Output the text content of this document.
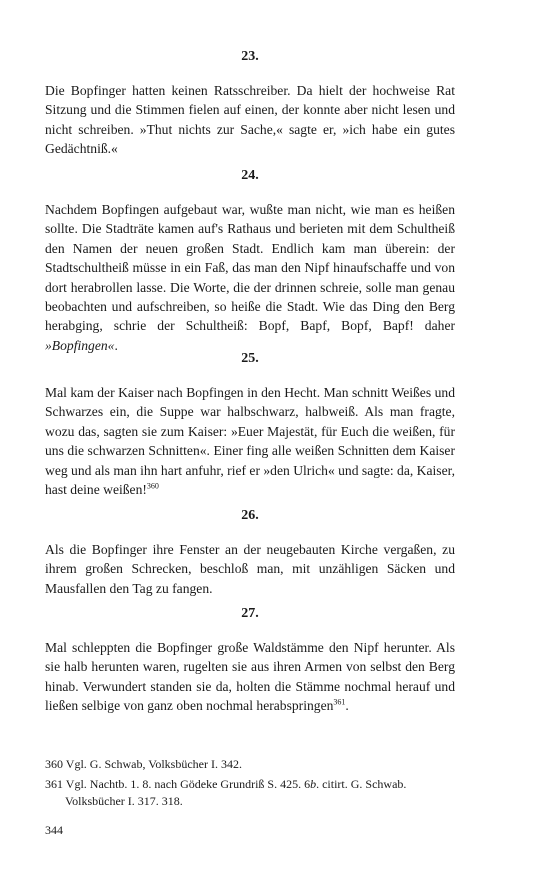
23.

Die Bopfinger hatten keinen Ratsschreiber. Da hielt der hochweise Rat Sitzung und die Stimmen fielen auf einen, der konnte aber nicht lesen und nicht schreiben. »Thut nichts zur Sache,« sagte er, »ich habe ein gutes Gedächtniß.«

24.

Nachdem Bopfingen aufgebaut war, wußte man nicht, wie man es heißen sollte. Die Stadträte kamen auf's Rathaus und berieten mit dem Schultheiß den Namen der neuen großen Stadt. Endlich kam man überein: der Stadtschultheiß müsse in ein Faß, das man den Nipf hinaufschaffe und von dort herabrollen lasse. Die Worte, die der drinnen schreie, solle man genau beobachten und aufschreiben, so heiße die Stadt. Wie das Ding den Berg herabging, schrie der Schultheiß: Bopf, Bapf, Bopf, Bapf! daher »Bopfingen«.

25.

Mal kam der Kaiser nach Bopfingen in den Hecht. Man schnitt Weißes und Schwarzes ein, die Suppe war halbschwarz, halbweiß. Als man fragte, wozu das, sagten sie zum Kaiser: »Euer Majestät, für Euch die weißen, für uns die schwarzen Schnitten«. Einer fing alle weißen Schnitten dem Kaiser weg und als man ihn hart anfuhr, rief er »den Ulrich« und sagte: da, Kaiser, hast deine weißen!$^{360}$

26.

Als die Bopfinger ihre Fenster an der neugebauten Kirche vergaßen, zu ihrem großen Schrecken, beschloß man, mit unzähligen Säcken und Mausfallen den Tag zu fangen.

27.

Mal schleppten die Bopfinger große Waldstämme den Nipf herunter. Als sie halb herunten waren, rugelten sie aus ihren Armen von selbst den Berg hinab. Verwundert standen sie da, holten die Stämme nochmal herauf und ließen selbige von ganz oben nochmal herabspringen$^{361}$.

360 Vgl. G. Schwab, Volksbücher I. 342.

361 Vgl. Nachtb. 1. 8. nach Gödeke Grundriß S. 425. 6b. citirt. G. Schwab. Volksbücher I. 317. 318.

344
